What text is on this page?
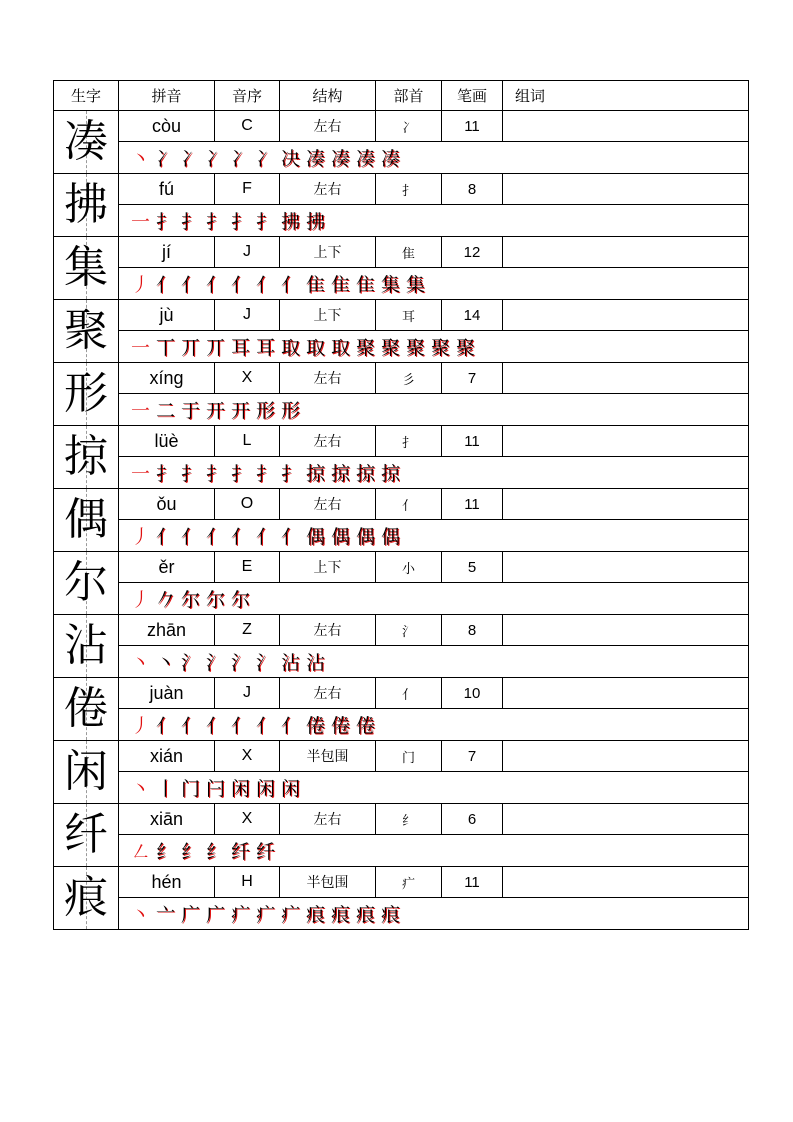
生字	拼音	音序	结构	部首	笔画	组词

凑	còu	C	左右	冫	11	
	丶 冫 冫 冫 冫 冫 决 凑 凑 凑 凑					

拂	fú	F	左右	扌	8	
	一 扌 扌 扌 扌 扌 拂 拂					

集	jí	J	上下	隹	12	
	丿 亻 亻 亻 亻 亻 亻 隹 隹 隹 集 集					

聚	jù	J	上下	耳	14	
	一 丅 丌 丌 耳 耳 取 取 取 聚 聚 聚 聚 聚					

形	xíng	X	左右	彡	7	
	一 二 于 开 开 形 形					

掠	lüè	L	左右	扌	11	
	一 扌 扌 扌 扌 扌 扌 掠 掠 掠 掠					

偶	ǒu	O	左右	亻	11	
	丿 亻 亻 亻 亻 亻 亻 偶 偶 偶 偶					

尔	ěr	E	上下	小	5	
	丿 𠂊 尔 尔 尔					

沾	zhān	Z	左右	氵	8	
	丶 丶 氵 氵 氵 氵 沾 沾					

倦	juàn	J	左右	亻	10	
	丿 亻 亻 亻 亻 亻 亻 倦 倦 倦					

闲	xián	X	半包围	门	7	
	丶 丨 门 闩 闲 闲 闲					

纤	xiān	X	左右	纟	6	
	㇜ 纟 纟 纟 纤 纤					

痕	hén	H	半包围	疒	11	
	丶 亠 广 广 疒 疒 疒 痕 痕 痕 痕					
